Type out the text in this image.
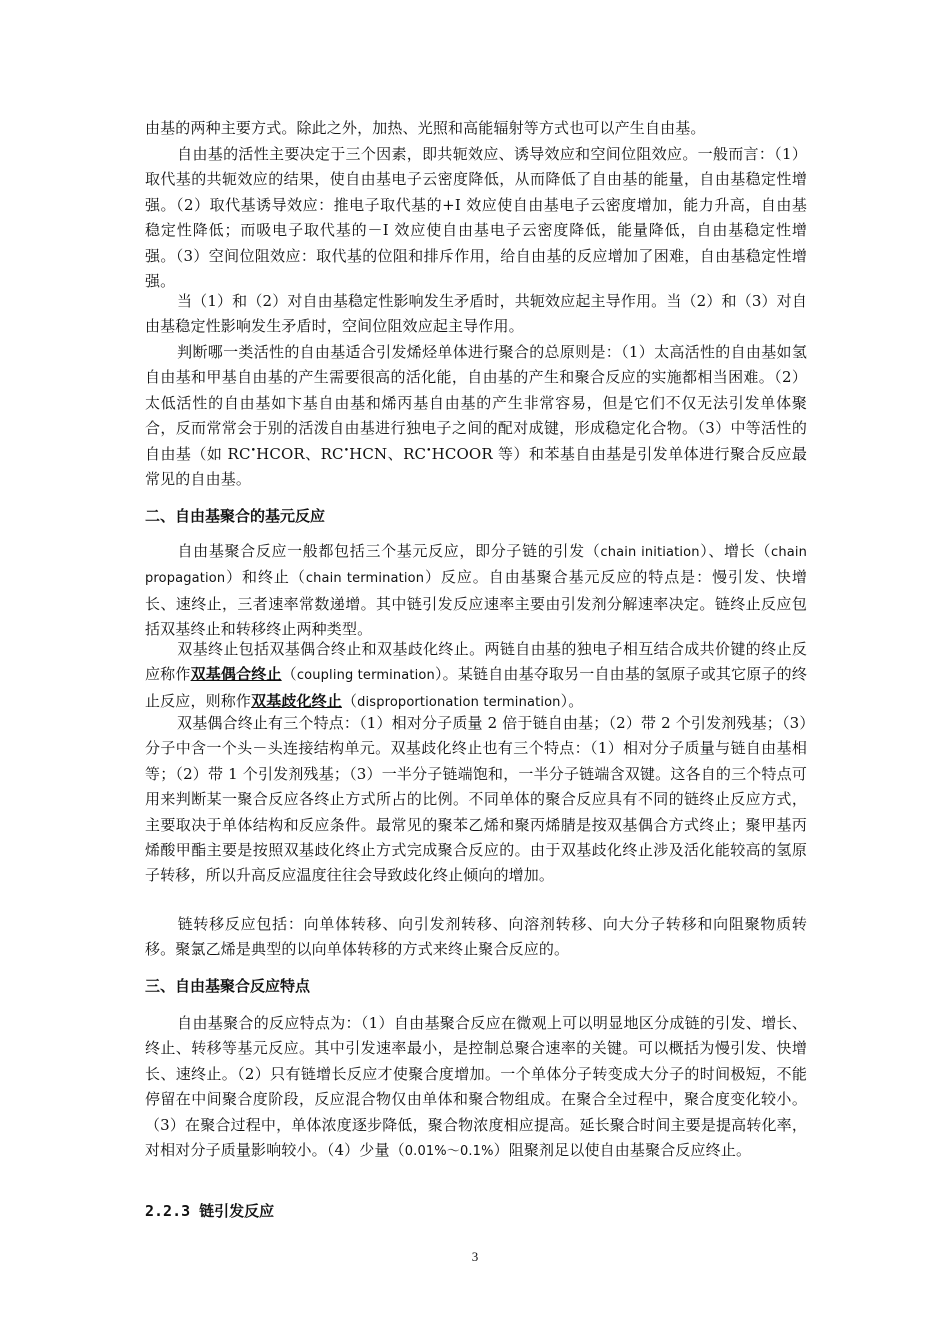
由基的两种主要方式。除此之外，加热、光照和高能辐射等方式也可以产生自由基。

自由基的活性主要决定于三个因素，即共轭效应、诱导效应和空间位阻效应。一般而言：（1）取代基的共轭效应的结果，使自由基电子云密度降低，从而降低了自由基的能量，自由基稳定性增强。（2）取代基诱导效应：推电子取代基的+I 效应使自由基电子云密度增加，能力升高，自由基稳定性降低；而吸电子取代基的－I 效应使自由基电子云密度降低，能量降低，自由基稳定性增强。（3）空间位阻效应：取代基的位阻和排斥作用，给自由基的反应增加了困难，自由基稳定性增强。

当（1）和（2）对自由基稳定性影响发生矛盾时，共轭效应起主导作用。当（2）和（3）对自由基稳定性影响发生矛盾时，空间位阻效应起主导作用。

判断哪一类活性的自由基适合引发烯烃单体进行聚合的总原则是：（1）太高活性的自由基如氢自由基和甲基自由基的产生需要很高的活化能，自由基的产生和聚合反应的实施都相当困难。（2）太低活性的自由基如卞基自由基和烯丙基自由基的产生非常容易，但是它们不仅无法引发单体聚合，反而常常会于别的活泼自由基进行独电子之间的配对成键，形成稳定化合物。（3）中等活性的自由基（如 RC•HCOR、RC•HCN、RC•HCOOR 等）和苯基自由基是引发单体进行聚合反应最常见的自由基。

二、自由基聚合的基元反应

自由基聚合反应一般都包括三个基元反应，即分子链的引发（chain initiation）、增长（chain propagation）和终止（chain termination）反应。自由基聚合基元反应的特点是：慢引发、快增长、速终止，三者速率常数递增。其中链引发反应速率主要由引发剂分解速率决定。链终止反应包括双基终止和转移终止两种类型。

双基终止包括双基偶合终止和双基歧化终止。两链自由基的独电子相互结合成共价键的终止反应称作双基偶合终止（coupling termination）。某链自由基夺取另一自由基的氢原子或其它原子的终止反应，则称作双基歧化终止（disproportionation termination）。

双基偶合终止有三个特点：（1）相对分子质量 2 倍于链自由基；（2）带 2 个引发剂残基；（3）分子中含一个头－头连接结构单元。双基歧化终止也有三个特点：（1）相对分子质量与链自由基相等；（2）带 1 个引发剂残基；（3）一半分子链端饱和，一半分子链端含双键。这各自的三个特点可用来判断某一聚合反应各终止方式所占的比例。不同单体的聚合反应具有不同的链终止反应方式，主要取决于单体结构和反应条件。最常见的聚苯乙烯和聚丙烯腈是按双基偶合方式终止；聚甲基丙烯酸甲酯主要是按照双基歧化终止方式完成聚合反应的。由于双基歧化终止涉及活化能较高的氢原子转移，所以升高反应温度往往会导致歧化终止倾向的增加。

链转移反应包括：向单体转移、向引发剂转移、向溶剂转移、向大分子转移和向阻聚物质转移。聚氯乙烯是典型的以向单体转移的方式来终止聚合反应的。

三、自由基聚合反应特点

自由基聚合的反应特点为：（1）自由基聚合反应在微观上可以明显地区分成链的引发、增长、终止、转移等基元反应。其中引发速率最小，是控制总聚合速率的关键。可以概括为慢引发、快增长、速终止。（2）只有链增长反应才使聚合度增加。一个单体分子转变成大分子的时间极短，不能停留在中间聚合度阶段，反应混合物仅由单体和聚合物组成。在聚合全过程中，聚合度变化较小。（3）在聚合过程中，单体浓度逐步降低，聚合物浓度相应提高。延长聚合时间主要是提高转化率，对相对分子质量影响较小。（4）少量（0.01%～0.1%）阻聚剂足以使自由基聚合反应终止。

2.2.3 链引发反应
3
